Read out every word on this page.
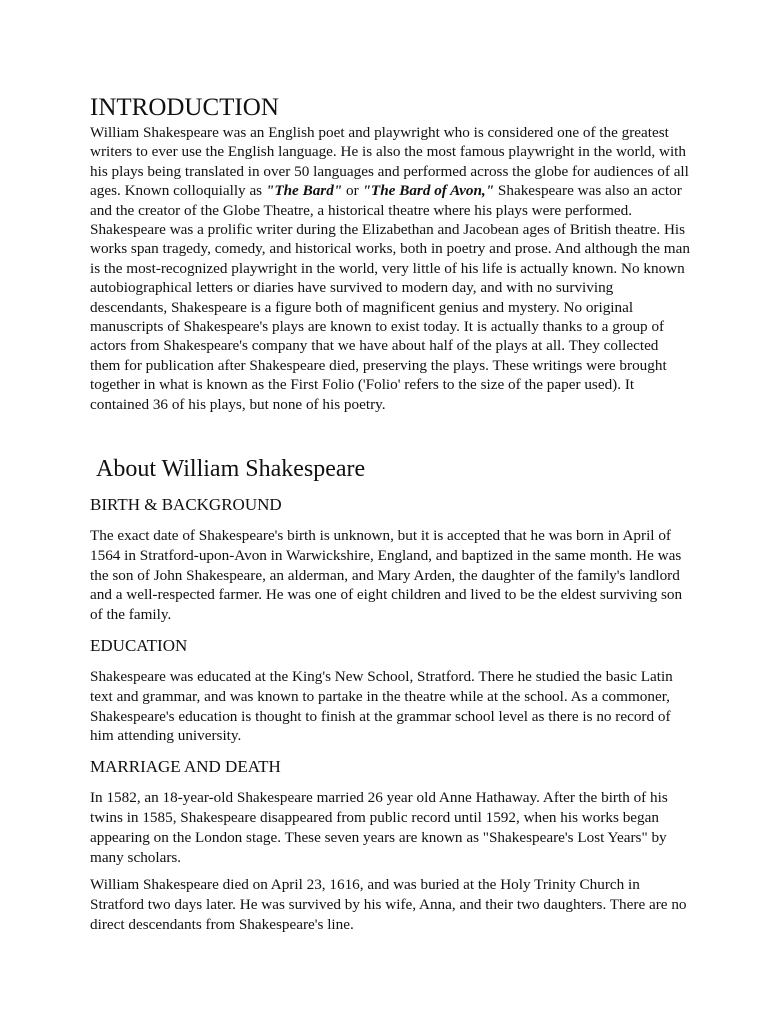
INTRODUCTION

William Shakespeare was an English poet and playwright who is considered one of the greatest writers to ever use the English language. He is also the most famous playwright in the world, with his plays being translated in over 50 languages and performed across the globe for audiences of all ages. Known colloquially as "The Bard" or "The Bard of Avon," Shakespeare was also an actor and the creator of the Globe Theatre, a historical theatre where his plays were performed. Shakespeare was a prolific writer during the Elizabethan and Jacobean ages of British theatre. His works span tragedy, comedy, and historical works, both in poetry and prose. And although the man is the most-recognized playwright in the world, very little of his life is actually known. No known autobiographical letters or diaries have survived to modern day, and with no surviving descendants, Shakespeare is a figure both of magnificent genius and mystery. No original manuscripts of Shakespeare's plays are known to exist today. It is actually thanks to a group of actors from Shakespeare's company that we have about half of the plays at all. They collected them for publication after Shakespeare died, preserving the plays. These writings were brought together in what is known as the First Folio ('Folio' refers to the size of the paper used). It contained 36 of his plays, but none of his poetry.

About William Shakespeare
BIRTH & BACKGROUND

The exact date of Shakespeare's birth is unknown, but it is accepted that he was born in April of 1564 in Stratford-upon-Avon in Warwickshire, England, and baptized in the same month. He was the son of John Shakespeare, an alderman, and Mary Arden, the daughter of the family's landlord and a well-respected farmer. He was one of eight children and lived to be the eldest surviving son of the family.

EDUCATION

Shakespeare was educated at the King's New School, Stratford. There he studied the basic Latin text and grammar, and was known to partake in the theatre while at the school. As a commoner, Shakespeare's education is thought to finish at the grammar school level as there is no record of him attending university.

MARRIAGE AND DEATH

In 1582, an 18-year-old Shakespeare married 26 year old Anne Hathaway. After the birth of his twins in 1585, Shakespeare disappeared from public record until 1592, when his works began appearing on the London stage. These seven years are known as "Shakespeare's Lost Years" by many scholars.

William Shakespeare died on April 23, 1616, and was buried at the Holy Trinity Church in Stratford two days later. He was survived by his wife, Anna, and their two daughters. There are no direct descendants from Shakespeare's line.
